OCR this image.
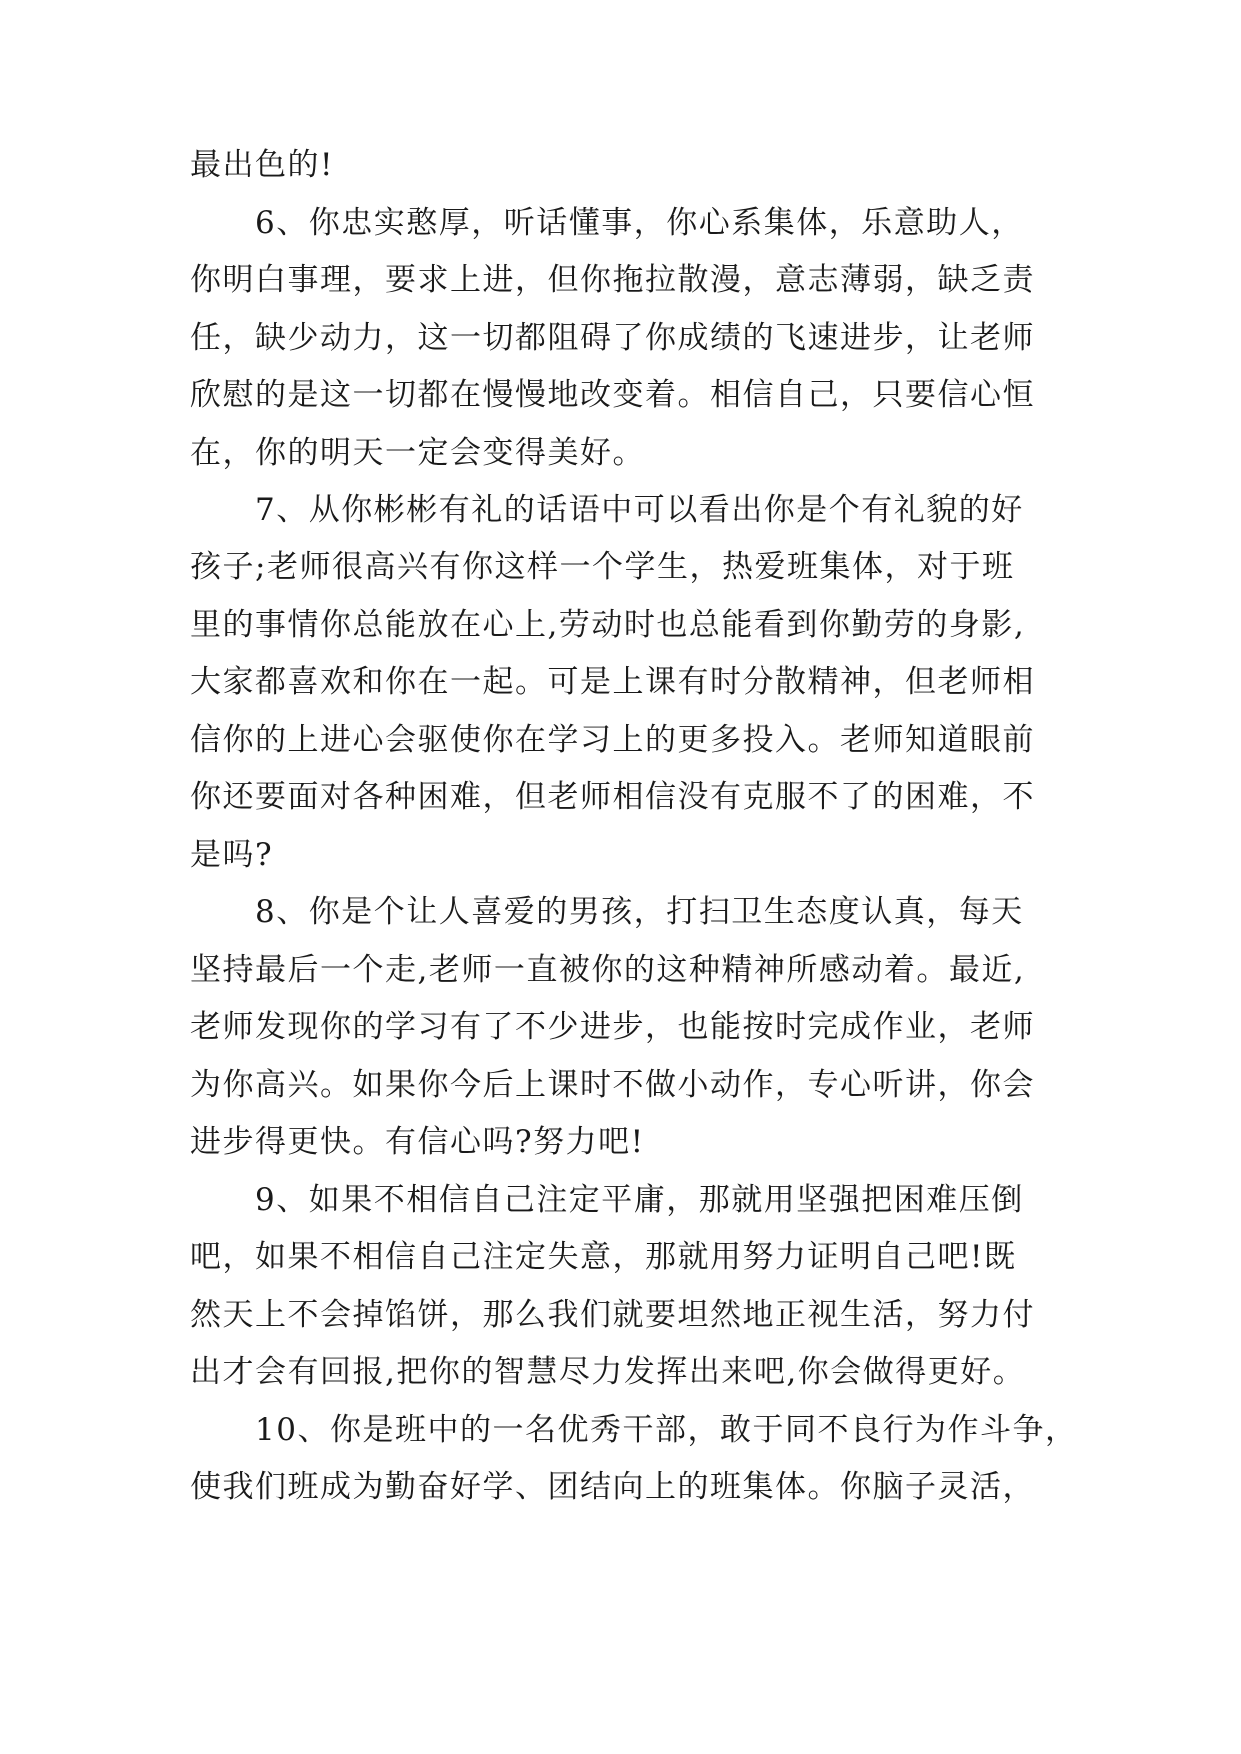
最出色的!
6、你忠实憨厚，听话懂事，你心系集体，乐意助人，
你明白事理，要求上进，但你拖拉散漫，意志薄弱，缺乏责
任，缺少动力，这一切都阻碍了你成绩的飞速进步，让老师
欣慰的是这一切都在慢慢地改变着。相信自己，只要信心恒
在，你的明天一定会变得美好。
7、从你彬彬有礼的话语中可以看出你是个有礼貌的好
孩子;老师很高兴有你这样一个学生，热爱班集体，对于班
里的事情你总能放在心上,劳动时也总能看到你勤劳的身影,
大家都喜欢和你在一起。可是上课有时分散精神，但老师相
信你的上进心会驱使你在学习上的更多投入。老师知道眼前
你还要面对各种困难，但老师相信没有克服不了的困难，不
是吗?
8、你是个让人喜爱的男孩，打扫卫生态度认真，每天
坚持最后一个走,老师一直被你的这种精神所感动着。最近,
老师发现你的学习有了不少进步，也能按时完成作业，老师
为你高兴。如果你今后上课时不做小动作，专心听讲，你会
进步得更快。有信心吗?努力吧!
9、如果不相信自己注定平庸，那就用坚强把困难压倒
吧，如果不相信自己注定失意，那就用努力证明自己吧!既
然天上不会掉馅饼，那么我们就要坦然地正视生活，努力付
出才会有回报,把你的智慧尽力发挥出来吧,你会做得更好。
10、你是班中的一名优秀干部，敢于同不良行为作斗争，
使我们班成为勤奋好学、团结向上的班集体。你脑子灵活，
